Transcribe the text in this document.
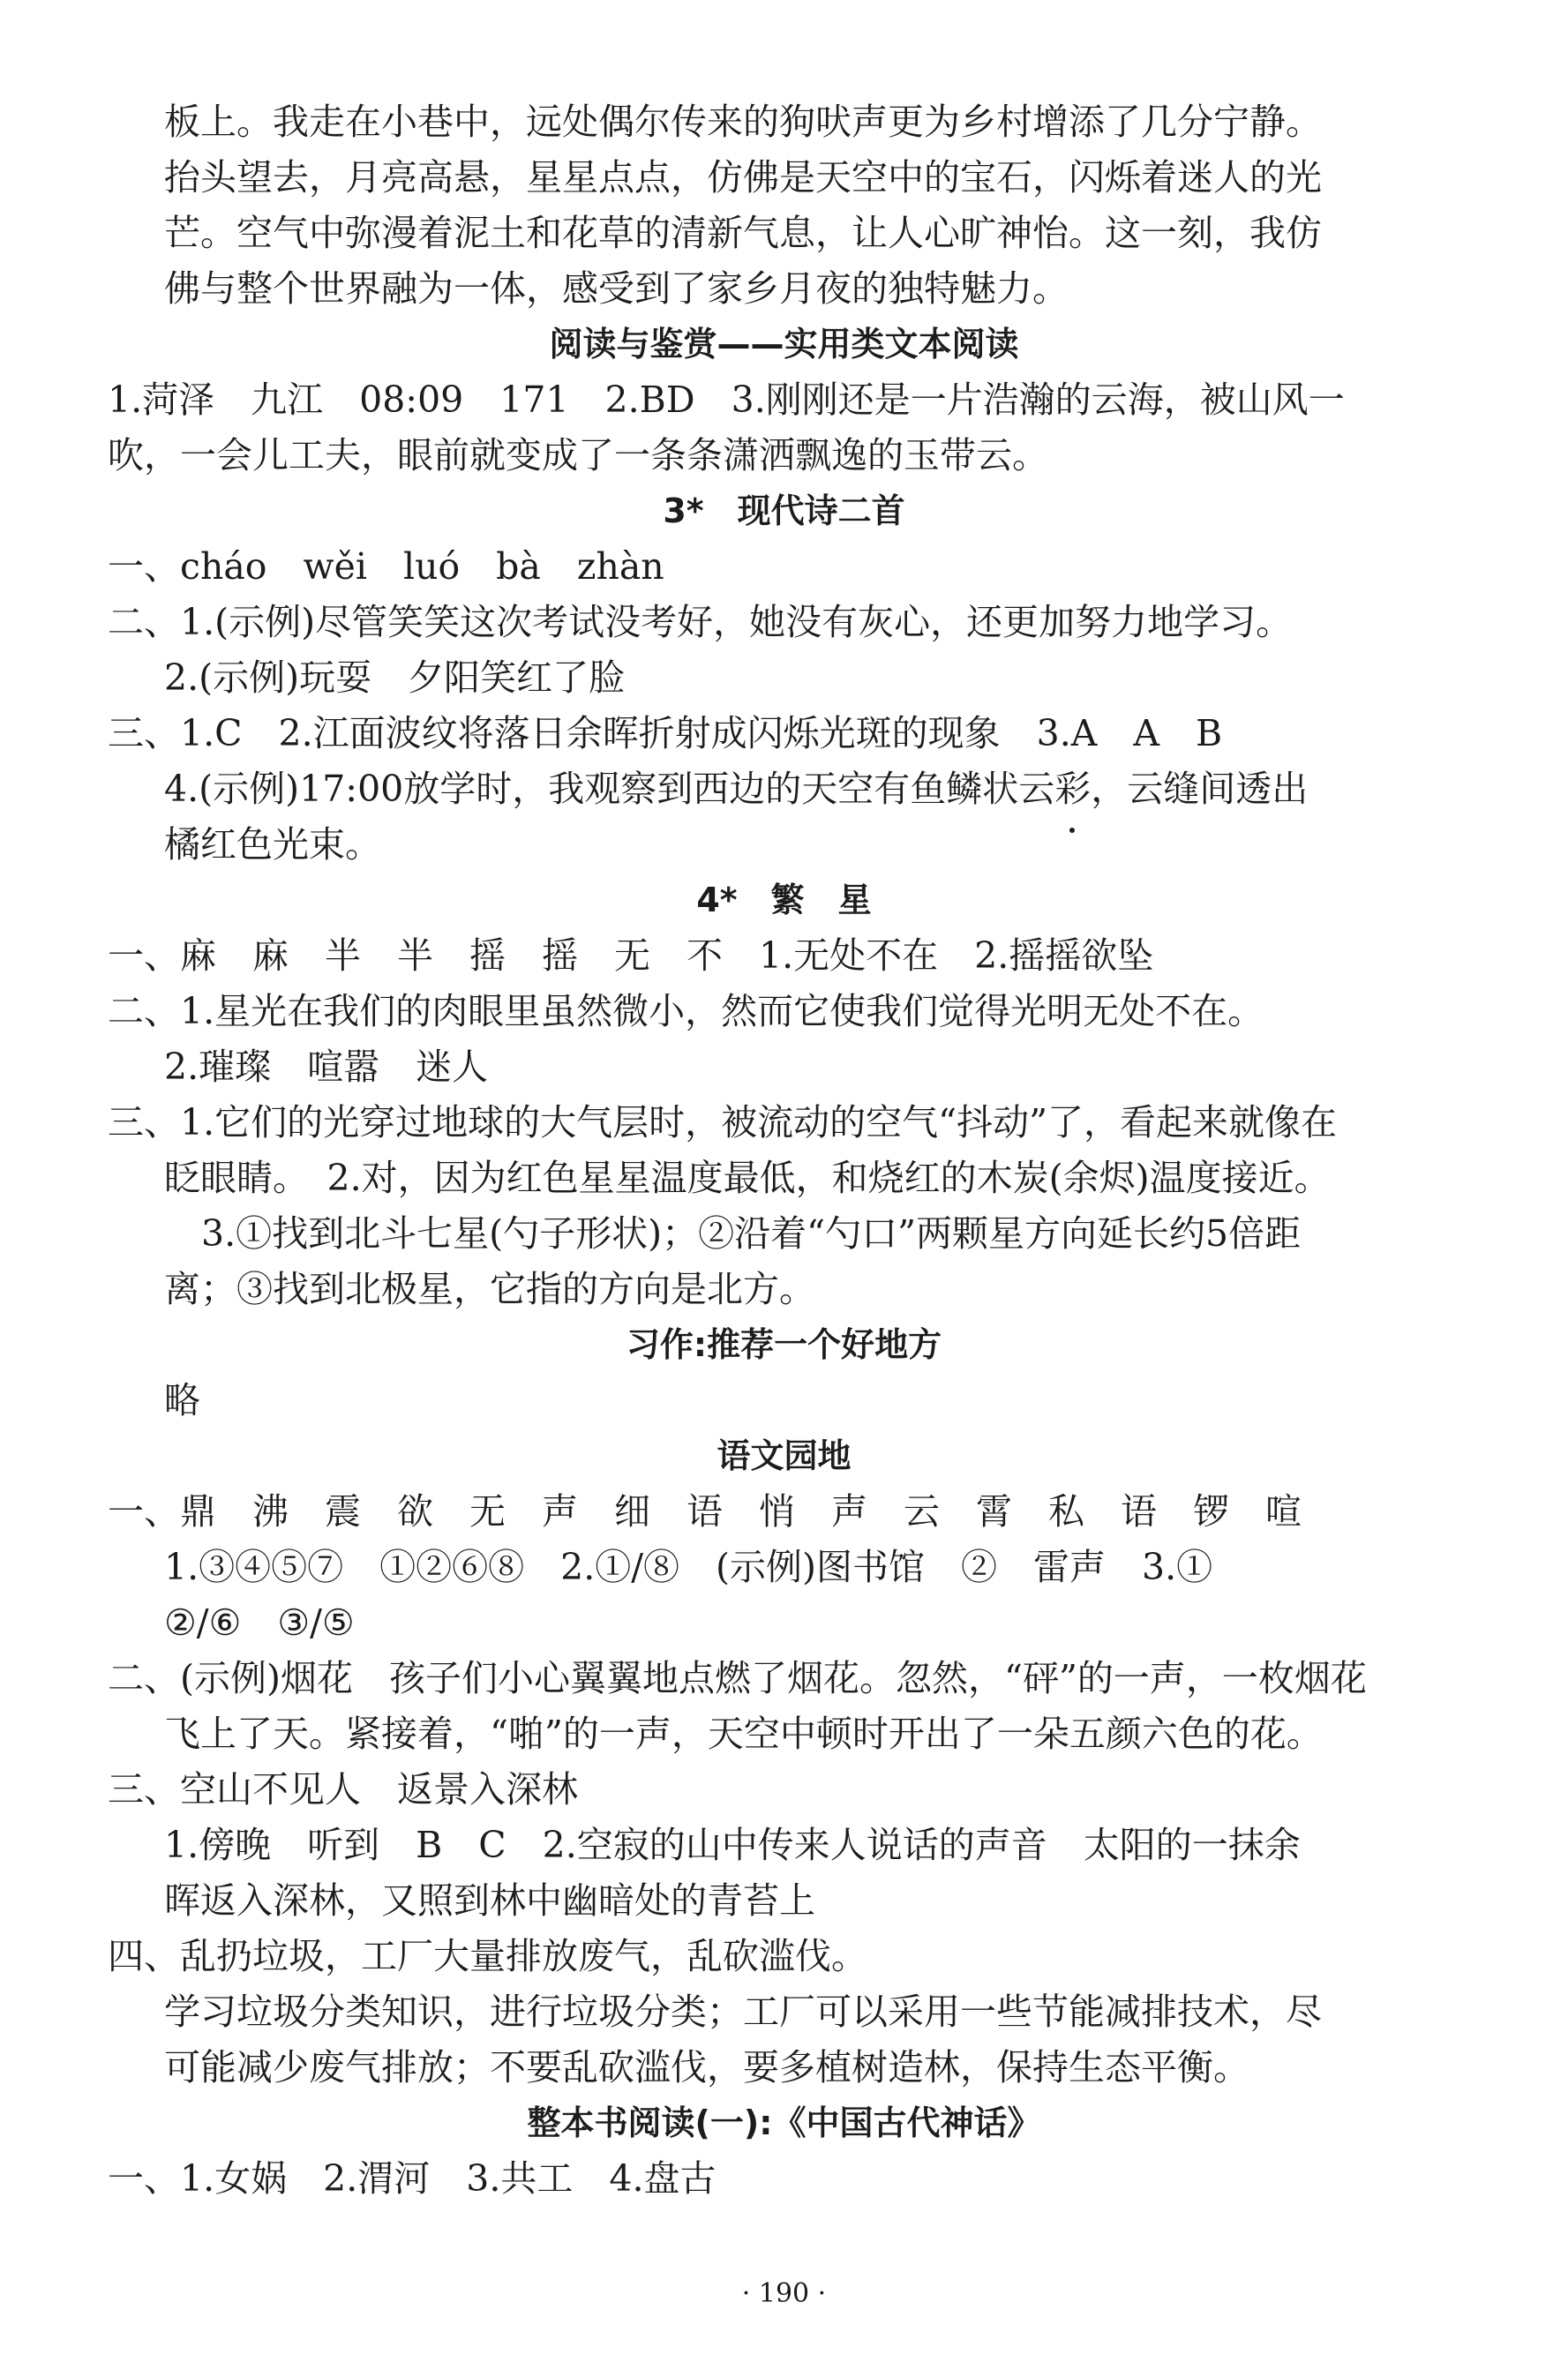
板上。我走在小巷中，远处偶尔传来的狗吠声更为乡村增添了几分宁静。

抬头望去，月亮高悬，星星点点，仿佛是天空中的宝石，闪烁着迷人的光

芒。空气中弥漫着泥土和花草的清新气息，让人心旷神怡。这一刻，我仿

佛与整个世界融为一体，感受到了家乡月夜的独特魅力。

阅读与鉴赏——实用类文本阅读

1.菏泽　九江　08:09　171　2.BD　3.刚刚还是一片浩瀚的云海，被山风一

吹，一会儿工夫，眼前就变成了一条条潇洒飘逸的玉带云。

3*　现代诗二首

一、cháo　wěi　luó　bà　zhàn

二、1.(示例)尽管笑笑这次考试没考好，她没有灰心，还更加努力地学习。

2.(示例)玩耍　夕阳笑红了脸

三、1.C　2.江面波纹将落日余晖折射成闪烁光斑的现象　3.A　A　B

4.(示例)17:00放学时，我观察到西边的天空有鱼鳞状云彩，云缝间透出

橘红色光束。

4*　繁　星

一、麻　麻　半　半　摇　摇　无　不　1.无处不在　2.摇摇欲坠

二、1.星光在我们的肉眼里虽然微小，然而它使我们觉得光明无处不在。

2.璀璨　喧嚣　迷人

三、1.它们的光穿过地球的大气层时，被流动的空气“抖动”了，看起来就像在

眨眼睛。　2.对，因为红色星星温度最低，和烧红的木炭(余烬)温度接近。

3.①找到北斗七星(勺子形状)；②沿着“勺口”两颗星方向延长约5倍距

离；③找到北极星，它指的方向是北方。

习作:推荐一个好地方

略

语文园地

一、鼎　沸　震　欲　无　声　细　语　悄　声　云　霄　私　语　锣　喧

1.③④⑤⑦　①②⑥⑧　2.①/⑧　(示例)图书馆　②　雷声　3.①

②/⑥　③/⑤

二、(示例)烟花　孩子们小心翼翼地点燃了烟花。忽然，“砰”的一声，一枚烟花

飞上了天。紧接着，“啪”的一声，天空中顿时开出了一朵五颜六色的花。

三、空山不见人　返景入深林

1.傍晚　听到　B　C　2.空寂的山中传来人说话的声音　太阳的一抹余

晖返入深林，又照到林中幽暗处的青苔上

四、乱扔垃圾，工厂大量排放废气，乱砍滥伐。

学习垃圾分类知识，进行垃圾分类；工厂可以采用一些节能减排技术，尽

可能减少废气排放；不要乱砍滥伐，要多植树造林，保持生态平衡。

整本书阅读(一):《中国古代神话》

一、1.女娲　2.渭河　3.共工　4.盘古

· 190 ·
